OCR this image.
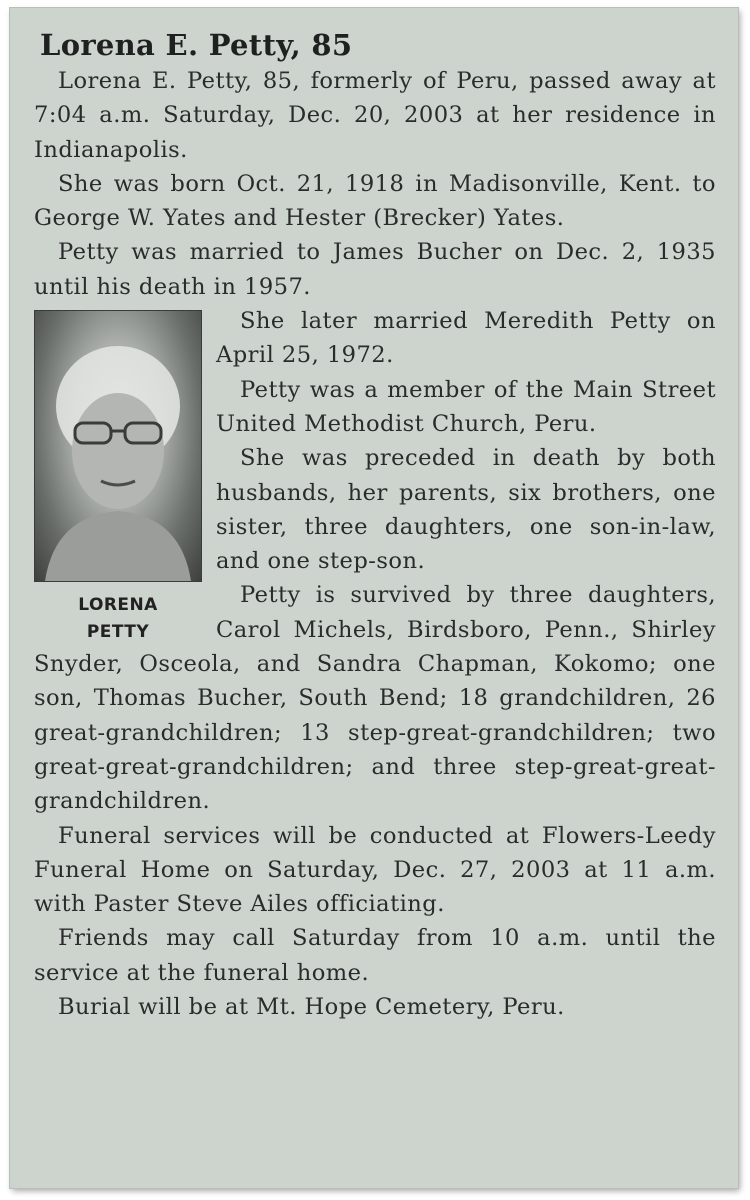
Lorena E. Petty, 85

Lorena E. Petty, 85, formerly of Peru, passed away at 7:04 a.m. Saturday, Dec. 20, 2003 at her residence in Indianapolis.

She was born Oct. 21, 1918 in Madisonville, Kent. to George W. Yates and Hester (Brecker) Yates.

Petty was married to James Bucher on Dec. 2, 1935 until his death in 1957.

LORENA
PETTY

She later married Meredith Petty on April 25, 1972.

Petty was a member of the Main Street United Methodist Church, Peru.

She was preceded in death by both husbands, her parents, six brothers, one sister, three daughters, one son-in-law, and one step-son.

Petty is survived by three daughters, Carol Michels, Birdsboro, Penn., Shirley Snyder, Osceola, and Sandra Chapman, Kokomo; one son, Thomas Bucher, South Bend; 18 grandchildren, 26 great-grandchildren; 13 step-great-grandchildren; two great-great-grandchildren; and three step-great-great-grandchildren.

Funeral services will be conducted at Flowers-Leedy Funeral Home on Saturday, Dec. 27, 2003 at 11 a.m. with Paster Steve Ailes officiating.

Friends may call Saturday from 10 a.m. until the service at the funeral home.

Burial will be at Mt. Hope Cemetery, Peru.
